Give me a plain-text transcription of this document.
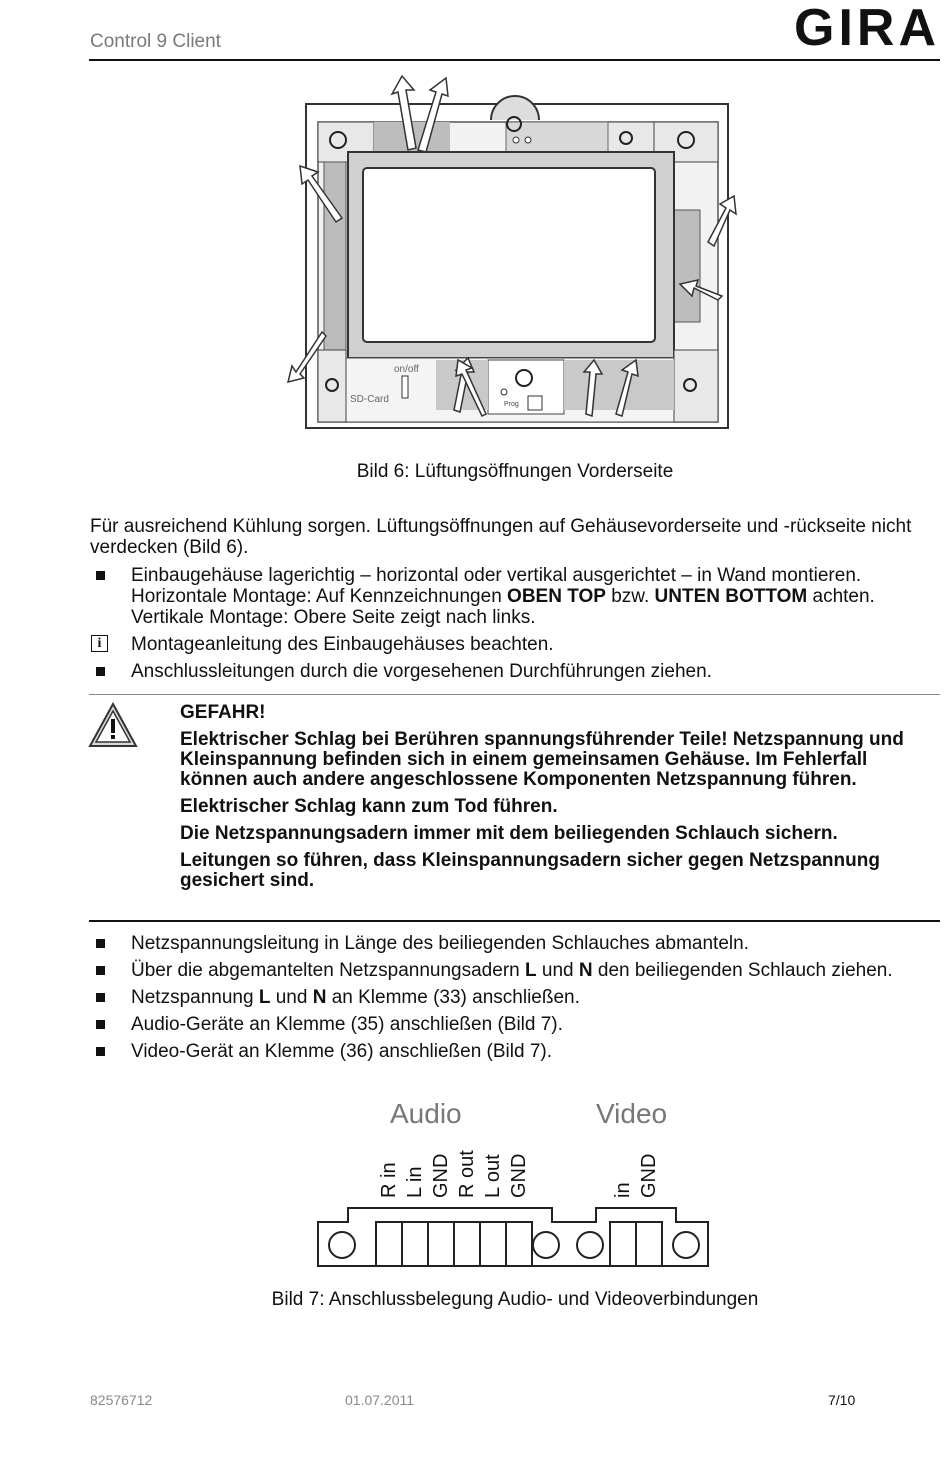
Control 9 Client	GIRA
on/off
SD-Card	Prog
Bild 6: Lüftungsöffnungen Vorderseite
Für ausreichend Kühlung sorgen. Lüftungsöffnungen auf Gehäusevorderseite und -rückseite nicht verdecken (Bild 6).
Einbaugehäuse lagerichtig – horizontal oder vertikal ausgerichtet – in Wand montieren.
Horizontale Montage: Auf Kennzeichnungen OBEN TOP bzw. UNTEN BOTTOM achten.
Vertikale Montage: Obere Seite zeigt nach links.
i	Montageanleitung des Einbaugehäuses beachten.
Anschlussleitungen durch die vorgesehenen Durchführungen ziehen.

GEFAHR!

Elektrischer Schlag bei Berühren spannungsführender Teile! Netzspannung und Kleinspannung befinden sich in einem gemeinsamen Gehäuse. Im Fehlerfall können auch andere angeschlossene Komponenten Netzspannung führen.

Elektrischer Schlag kann zum Tod führen.

Die Netzspannungsadern immer mit dem beiliegenden Schlauch sichern.

Leitungen so führen, dass Kleinspannungsadern sicher gegen Netzspannung gesichert sind.

Netzspannungsleitung in Länge des beiliegenden Schlauches abmanteln.
Über die abgemantelten Netzspannungsadern L und N den beiliegenden Schlauch ziehen.
Netzspannung L und N an Klemme (33) anschließen.
Audio-Geräte an Klemme (35) anschließen (Bild 7).
Video-Gerät an Klemme (36) anschließen (Bild 7).
Audio	Video
R in L in GND R out L out GND	in GND
Bild 7: Anschlussbelegung Audio- und Videoverbindungen
82576712	01.07.2011	7/10
